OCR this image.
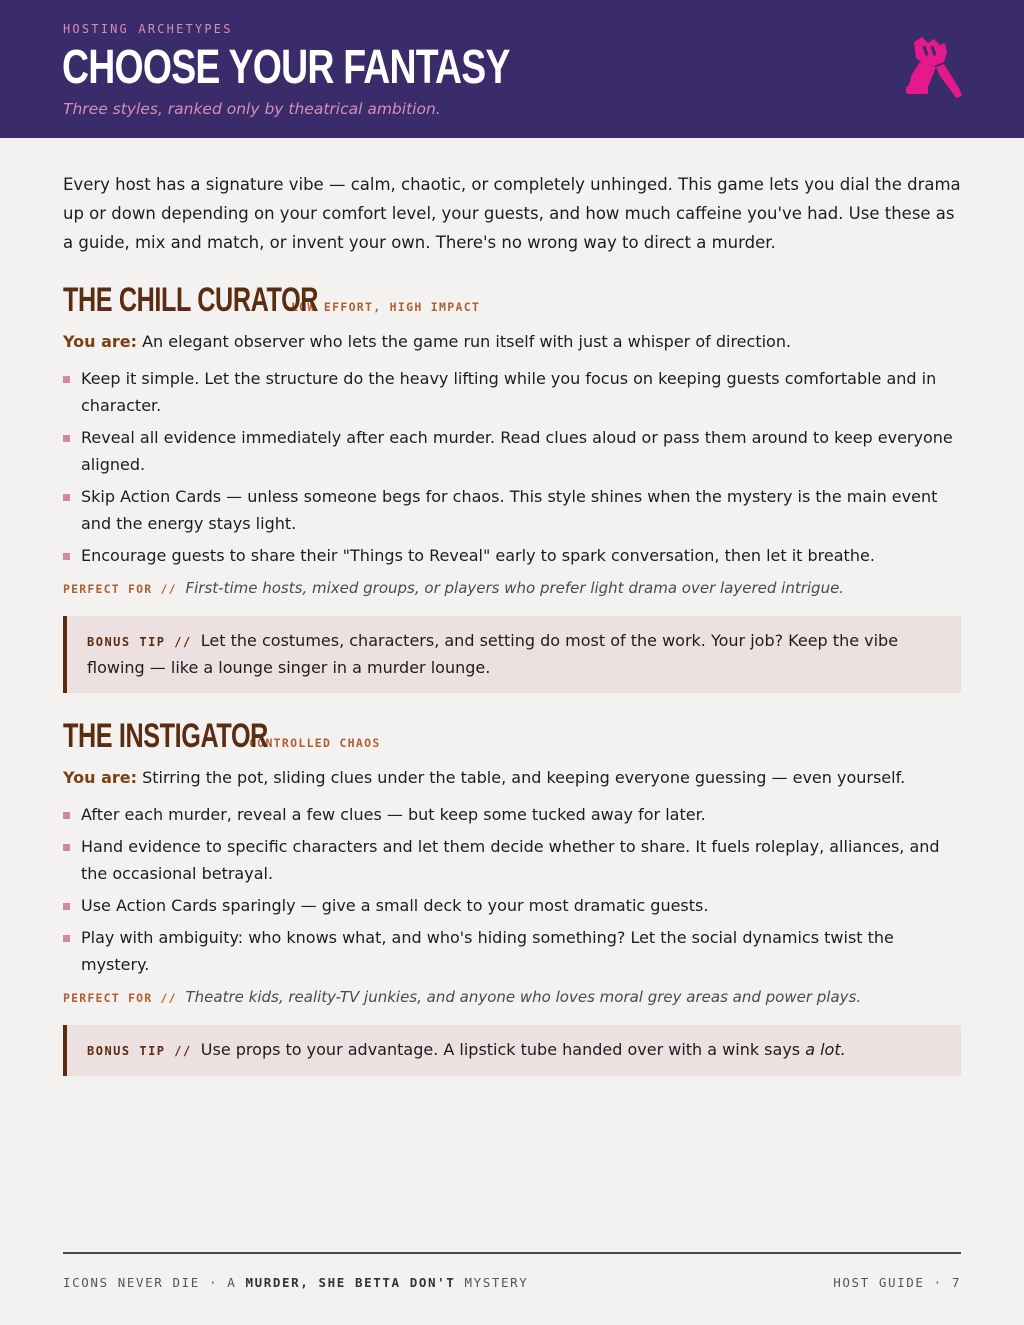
HOSTING ARCHETYPES
CHOOSE YOUR FANTASY
Three styles, ranked only by theatrical ambition.

Every host has a signature vibe — calm, chaotic, or completely unhinged. This game lets you dial the drama up or down depending on your comfort level, your guests, and how much caffeine you've had. Use these as a guide, mix and match, or invent your own. There's no wrong way to direct a murder.

THE CHILL CURATOR
LOW EFFORT, HIGH IMPACT

You are: An elegant observer who lets the game run itself with just a whisper of direction.

Keep it simple. Let the structure do the heavy lifting while you focus on keeping guests comfortable and in character.
Reveal all evidence immediately after each murder. Read clues aloud or pass them around to keep everyone aligned.
Skip Action Cards — unless someone begs for chaos. This style shines when the mystery is the main event and the energy stays light.
Encourage guests to share their "Things to Reveal" early to spark conversation, then let it breathe.

PERFECT FOR // First-time hosts, mixed groups, or players who prefer light drama over layered intrigue.

BONUS TIP // Let the costumes, characters, and setting do most of the work. Your job? Keep the vibe flowing — like a lounge singer in a murder lounge.
THE INSTIGATOR
CONTROLLED CHAOS

You are: Stirring the pot, sliding clues under the table, and keeping everyone guessing — even yourself.

After each murder, reveal a few clues — but keep some tucked away for later.
Hand evidence to specific characters and let them decide whether to share. It fuels roleplay, alliances, and the occasional betrayal.
Use Action Cards sparingly — give a small deck to your most dramatic guests.
Play with ambiguity: who knows what, and who's hiding something? Let the social dynamics twist the mystery.

PERFECT FOR // Theatre kids, reality-TV junkies, and anyone who loves moral grey areas and power plays.

BONUS TIP // Use props to your advantage. A lipstick tube handed over with a wink says a lot.
ICONS NEVER DIE · A MURDER, SHE BETTA DON'T MYSTERY	HOST GUIDE · 7
